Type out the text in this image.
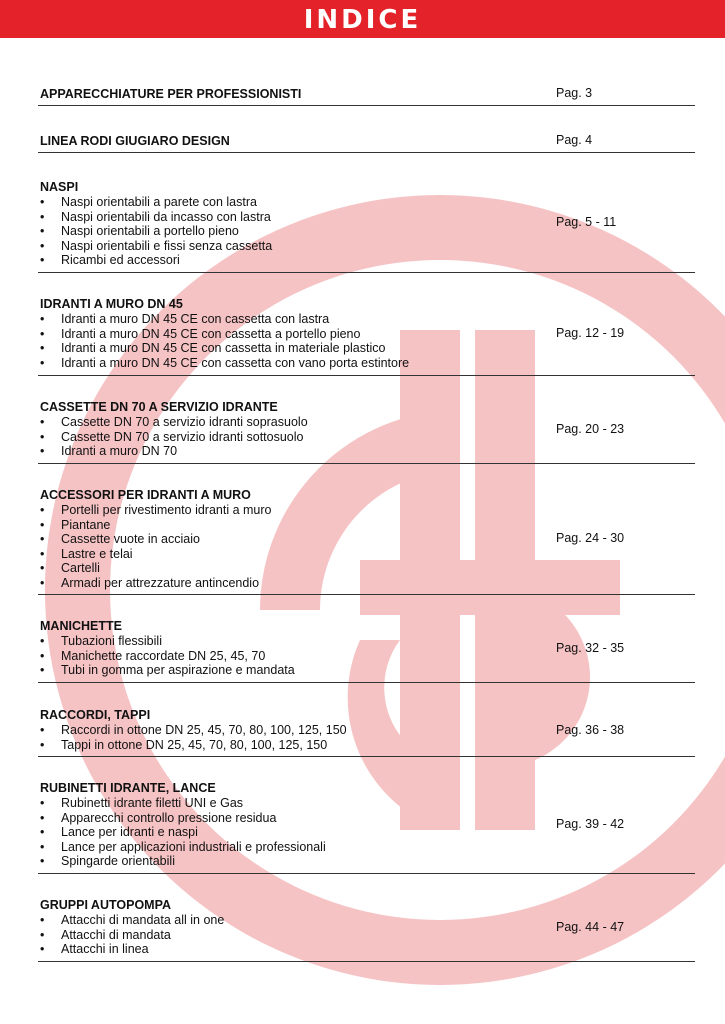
INDICE
APPARECCHIATURE PER PROFESSIONISTI	Pag. 3
LINEA RODI GIUGIARO DESIGN	Pag. 4
NASPI
• Naspi orientabili a parete con lastra
• Naspi orientabili da incasso con lastra
• Naspi orientabili a portello pieno
• Naspi orientabili e fissi senza cassetta
• Ricambi ed accessori
Pag. 5 - 11
IDRANTI A MURO DN 45
• Idranti a muro DN 45 CE con cassetta con lastra
• Idranti a muro DN 45 CE con cassetta a portello pieno
• Idranti a muro DN 45 CE con cassetta in materiale plastico
• Idranti a muro DN 45 CE con cassetta con vano porta estintore
Pag. 12 - 19
CASSETTE DN 70 A SERVIZIO IDRANTE
• Cassette DN 70 a servizio idranti soprasuolo
• Cassette DN 70 a servizio idranti sottosuolo
• Idranti a muro DN 70
Pag. 20 - 23
ACCESSORI PER IDRANTI A MURO
• Portelli per rivestimento idranti a muro
• Piantane
• Cassette vuote in acciaio
• Lastre e telai
• Cartelli
• Armadi per attrezzature antincendio
Pag. 24 - 30
MANICHETTE
• Tubazioni flessibili
• Manichette raccordate DN 25, 45, 70
• Tubi in gomma per aspirazione e mandata
Pag. 32 - 35
RACCORDI, TAPPI
• Raccordi in ottone DN 25, 45, 70, 80, 100, 125, 150
• Tappi in ottone DN 25, 45, 70, 80, 100, 125, 150
Pag. 36 - 38
RUBINETTI IDRANTE, LANCE
• Rubinetti idrante filetti UNI e Gas
• Apparecchi controllo pressione residua
• Lance per idranti e naspi
• Lance per applicazioni industriali e professionali
• Spingarde orientabili
Pag. 39 - 42
GRUPPI AUTOPOMPA
• Attacchi di mandata all in one
• Attacchi di mandata
• Attacchi in linea
Pag. 44 - 47
